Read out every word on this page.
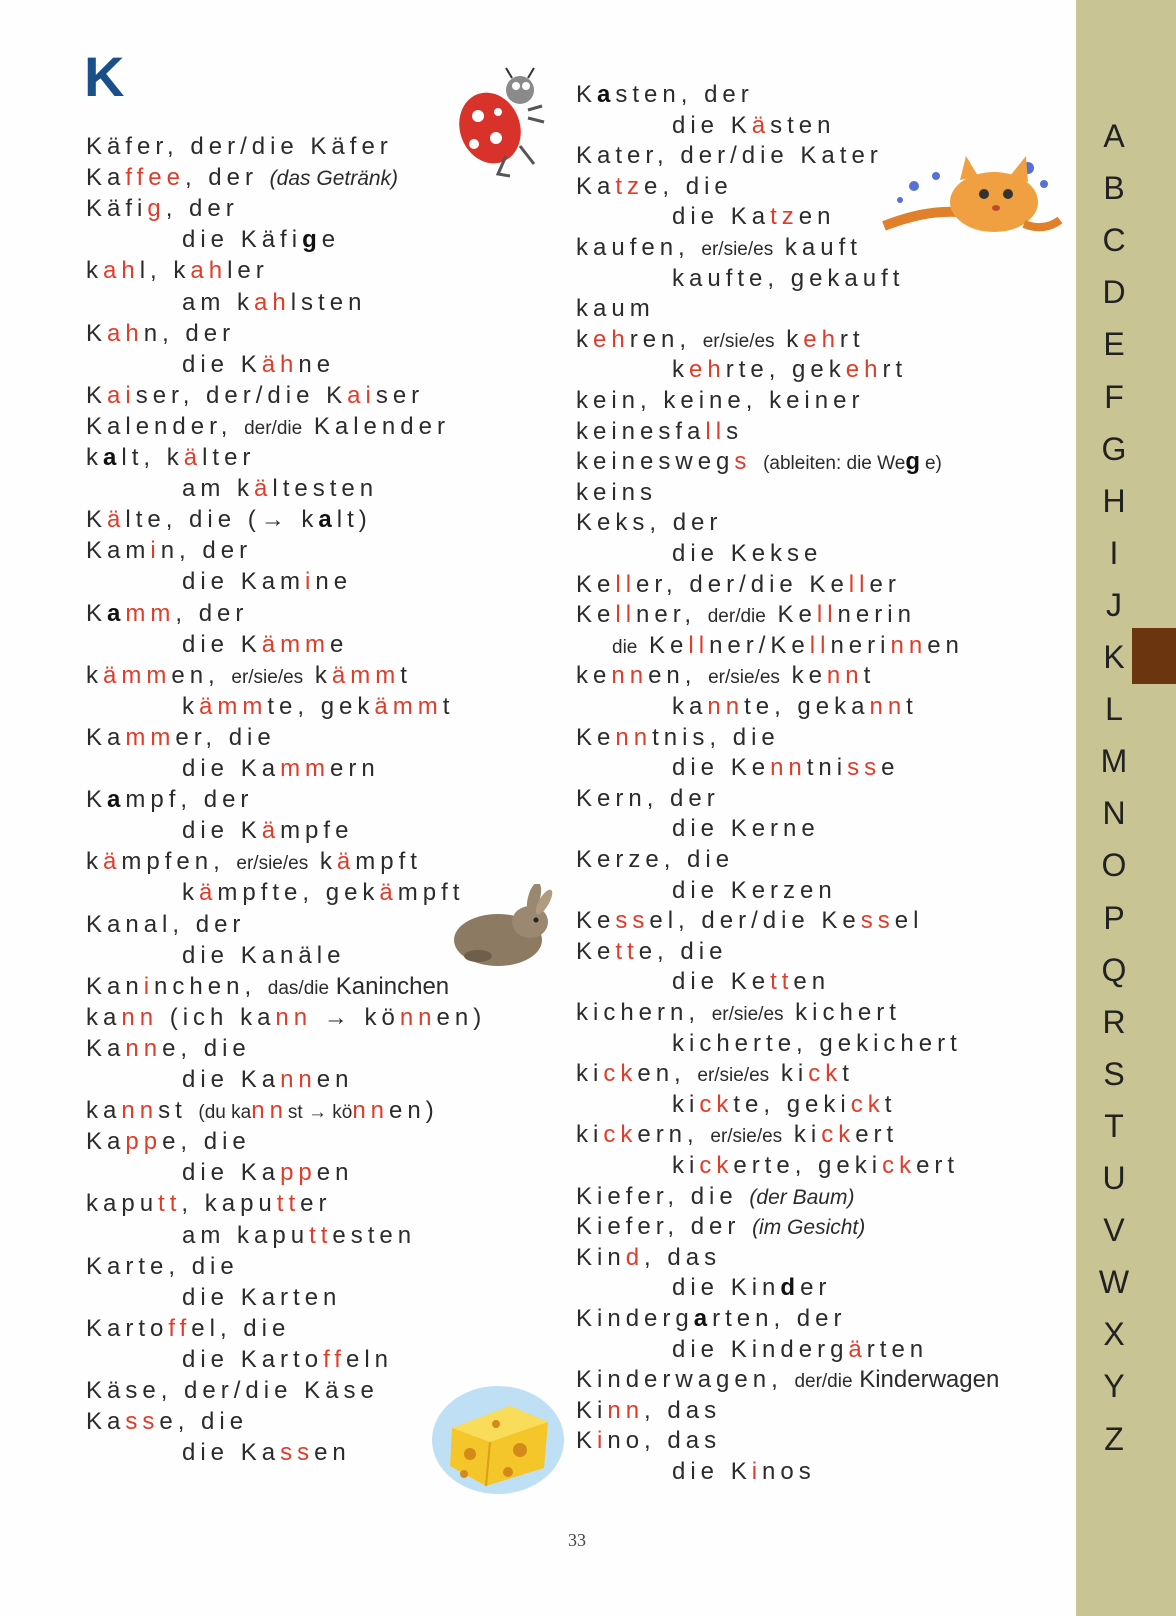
K
Käfer, der/die Käfer
Kaffee, der (das Getränk)
Käfig, der
die Käfige
kahl, kahler
am kahlsten
Kahn, der
die Kähne
Kaiser, der/die Kaiser
Kalender, der/die Kalender
kalt, kälter
am kältesten
Kälte, die (→ kalt)
Kamin, der
die Kamine
Kamm, der
die Kämme
kämmen, er/sie/es kämmt
kämmte, gekämmt
Kammer, die
die Kammern
Kampf, der
die Kämpfe
kämpfen, er/sie/es kämpft
kämpfte, gekämpft
Kanal, der
die Kanäle
Kaninchen, das/die Kaninchen
kann (ich kann → können)
Kanne, die
die Kannen
kannst (du kannst → können)
Kappe, die
die Kappen
kaputt, kaputter
am kaputtesten
Karte, die
die Karten
Kartoffel, die
die Kartoffeln
Käse, der/die Käse
Kasse, die
die Kassen
Kasten, der
die Kästen
Kater, der/die Kater
Katze, die
die Katzen
kaufen, er/sie/es kauft
kaufte, gekauft
kaum
kehren, er/sie/es kehrt
kehrte, gekehrt
kein, keine, keiner
keinesfalls
keineswegs (ableiten: die Wege)
keins
Keks, der
die Kekse
Keller, der/die Keller
Kellner, der/die Kellnerin
die Kellner/Kellnerinnen
kennen, er/sie/es kennt
kannte, gekannt
Kenntnis, die
die Kenntnisse
Kern, der
die Kerne
Kerze, die
die Kerzen
Kessel, der/die Kessel
Kette, die
die Ketten
kichern, er/sie/es kichert
kicherte, gekichert
kicken, er/sie/es kickt
kickte, gekickt
kickern, er/sie/es kickert
kickerte, gekickert
Kiefer, die (der Baum)
Kiefer, der (im Gesicht)
Kind, das
die Kinder
Kindergarten, der
die Kindergärten
Kinderwagen, der/die Kinderwagen
Kinn, das
Kino, das
die Kinos
33
A
B
C
D
E
F
G
H
I
J
K
L
M
N
O
P
Q
R
S
T
U
V
W
X
Y
Z
